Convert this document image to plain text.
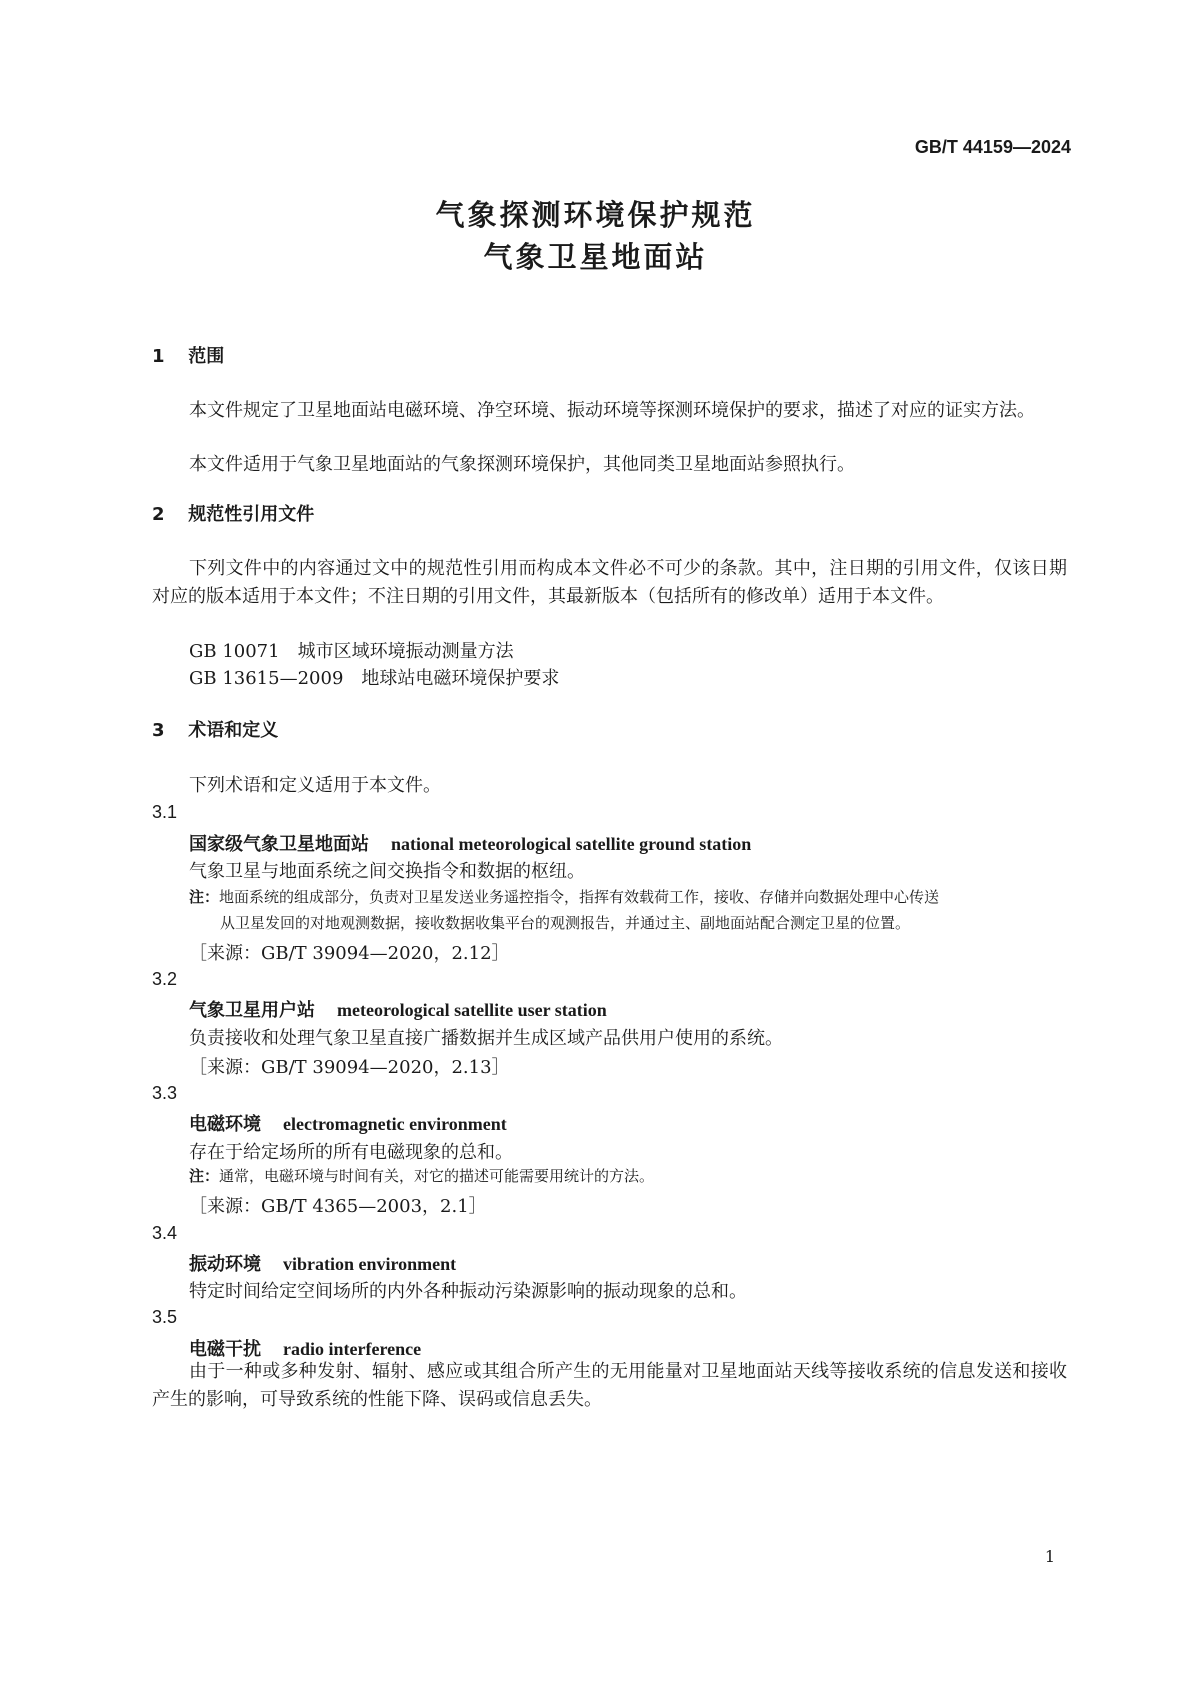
GB/T 44159—2024
气象探测环境保护规范
气象卫星地面站
1 范围
本文件规定了卫星地面站电磁环境、净空环境、振动环境等探测环境保护的要求，描述了对应的证实方法。
本文件适用于气象卫星地面站的气象探测环境保护，其他同类卫星地面站参照执行。
2 规范性引用文件
下列文件中的内容通过文中的规范性引用而构成本文件必不可少的条款。其中，注日期的引用文件，仅该日期对应的版本适用于本文件；不注日期的引用文件，其最新版本（包括所有的修改单）适用于本文件。
GB 10071　城市区域环境振动测量方法
GB 13615—2009　地球站电磁环境保护要求
3 术语和定义
下列术语和定义适用于本文件。
3.1
国家级气象卫星地面站 national meteorological satellite ground station
气象卫星与地面系统之间交换指令和数据的枢纽。
注：地面系统的组成部分，负责对卫星发送业务遥控指令，指挥有效载荷工作，接收、存储并向数据处理中心传送
从卫星发回的对地观测数据，接收数据收集平台的观测报告，并通过主、副地面站配合测定卫星的位置。
［来源：GB/T 39094—2020，2.12］
3.2
气象卫星用户站 meteorological satellite user station
负责接收和处理气象卫星直接广播数据并生成区域产品供用户使用的系统。
［来源：GB/T 39094—2020，2.13］
3.3
电磁环境 electromagnetic environment
存在于给定场所的所有电磁现象的总和。
注：通常，电磁环境与时间有关，对它的描述可能需要用统计的方法。
［来源：GB/T 4365—2003，2.1］
3.4
振动环境 vibration environment
特定时间给定空间场所的内外各种振动污染源影响的振动现象的总和。
3.5
电磁干扰 radio interference
由于一种或多种发射、辐射、感应或其组合所产生的无用能量对卫星地面站天线等接收系统的信息发送和接收产生的影响，可导致系统的性能下降、误码或信息丢失。
1
